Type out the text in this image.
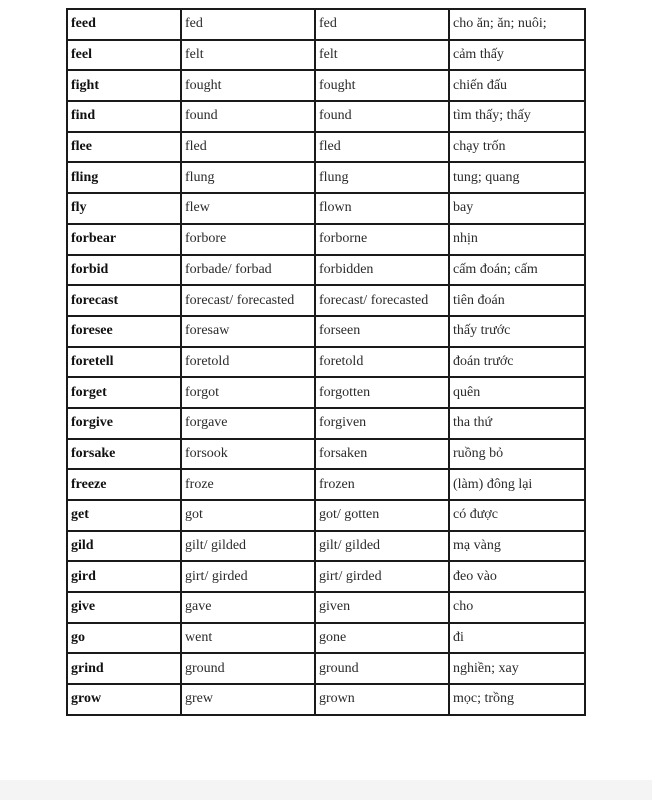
feed	fed	fed	cho ăn; ăn; nuôi;
feel	felt	felt	cảm thấy
fight	fought	fought	chiến đấu
find	found	found	tìm thấy; thấy
flee	fled	fled	chạy trốn
fling	flung	flung	tung; quang
fly	flew	flown	bay
forbear	forbore	forborne	nhịn
forbid	forbade/ forbad	forbidden	cấm đoán; cấm
forecast	forecast/ forecasted	forecast/ forecasted	tiên đoán
foresee	foresaw	forseen	thấy trước
foretell	foretold	foretold	đoán trước
forget	forgot	forgotten	quên
forgive	forgave	forgiven	tha thứ
forsake	forsook	forsaken	ruồng bỏ
freeze	froze	frozen	(làm) đông lại
get	got	got/ gotten	có được
gild	gilt/ gilded	gilt/ gilded	mạ vàng
gird	girt/ girded	girt/ girded	đeo vào
give	gave	given	cho
go	went	gone	đi
grind	ground	ground	nghiền; xay
grow	grew	grown	mọc; trồng
